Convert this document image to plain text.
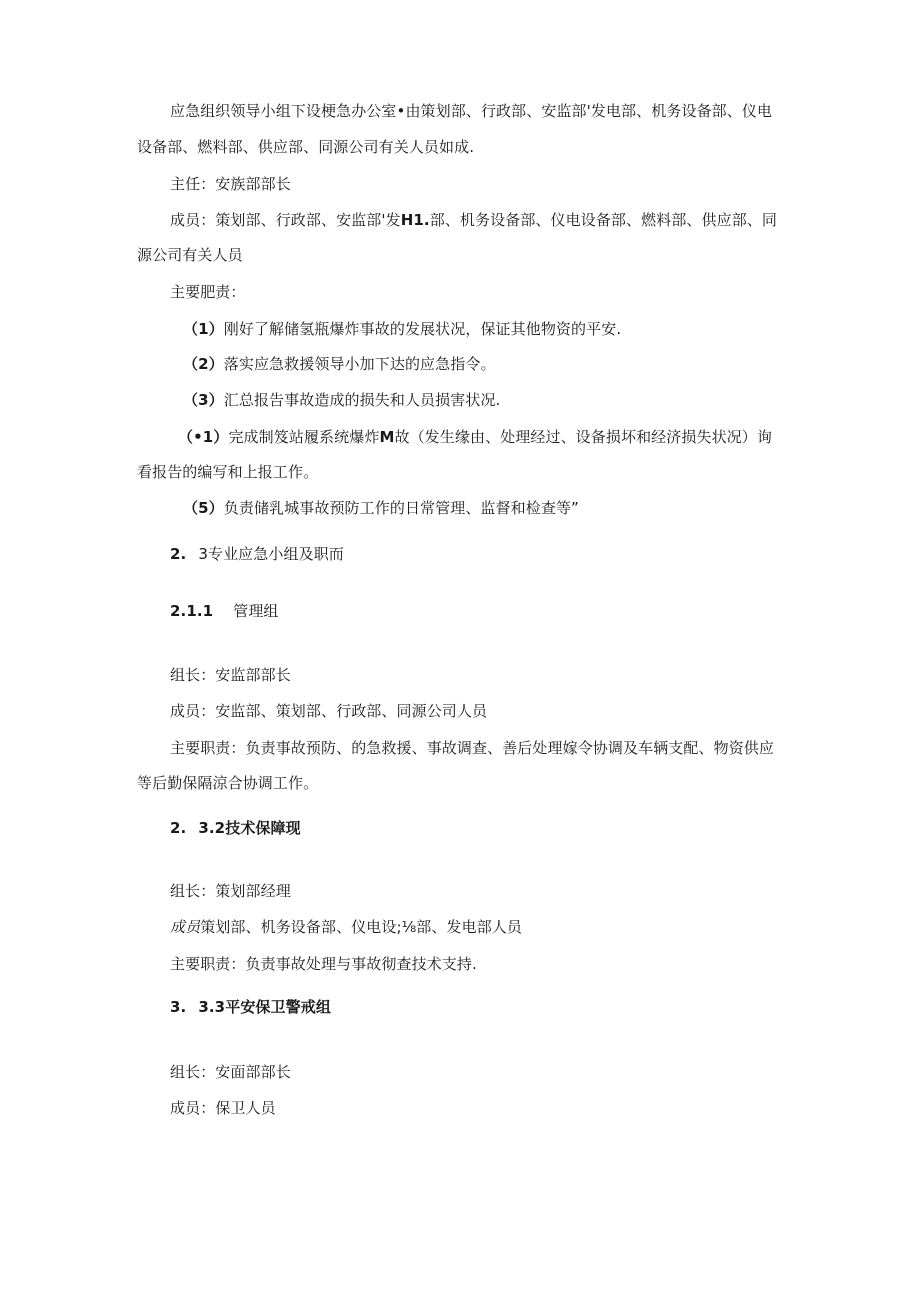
应急组织领导小组下设梗急办公室•由策划部、行政部、安监部'发电部、机务设备部、仪电

设备部、燃料部、供应部、同源公司有关人员如成.

主任：安族部部长

成员：策划部、行政部、安监部'发H1.部、机务设备部、仪电设备部、燃料部、供应部、同

源公司有关人员

主要肥责：

（1）刚好了解储氢瓶爆炸事故的发展状况，保证其他物资的平安.

（2）落实应急救援领导小加下达的应急指令。

（3）汇总报告事故造成的损失和人员损害状况.

（•1）完成制笈站履系统爆炸M故（发生缘由、处理经过、设备损坏和经济损失状况）询

看报告的编写和上报工作。

（5）负责储乳城事故预防工作的日常管理、监督和检查等”

2. 3专业应急小组及职而

2.1.1 管理组

组长：安监部部长

成员：安监部、策划部、行政部、同源公司人员

主要职责：负责事故预防、的急救援、事故调查、善后处理嫁令协调及车辆支配、物资供应

等后勤保隔涼合协调工作。

2. 3.2技术保障现

组长：策划部经理

成员策划部、机务设备部、仪电设;⅛部、发电部人员

主要职责：负责事故处理与事故彻查技术支持.

3. 3.3平安保卫警戒组

组长：安面部部长

成员：保卫人员
